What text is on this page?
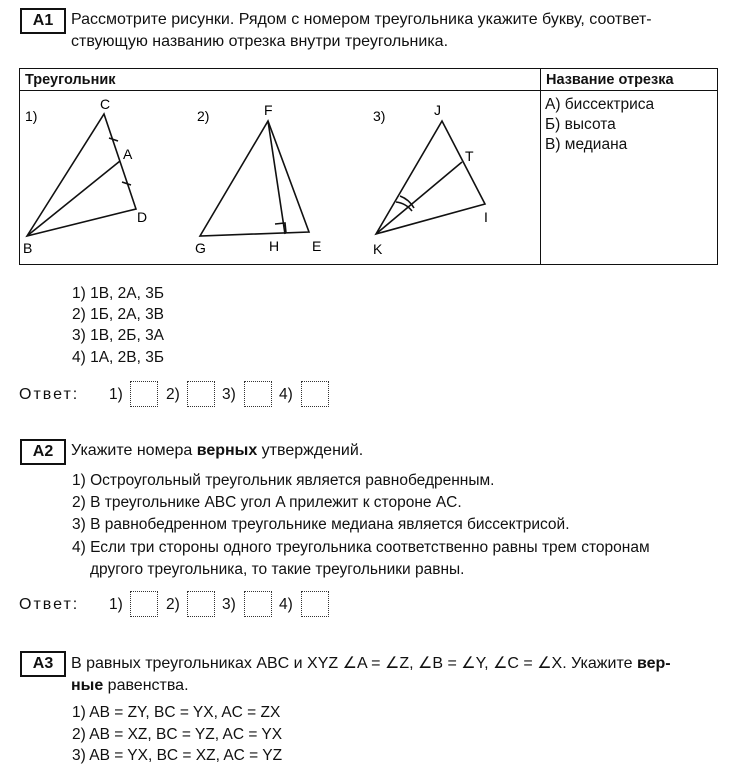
А1	Рассмотрите рисунки. Рядом с номером треугольника укажите букву, соответ-
ствующую названию отрезка внутри треугольника.
Треугольник	Название отрезка

А) биссектриса
Б) высота
В) медиана
1)
C
A
D
B
2)	F
G	H E
3)	J
T
I
K
1) 1В, 2А, 3Б
2) 1Б, 2А, 3В
3) 1В, 2Б, 3А
4) 1А, 2В, 3Б
Ответ: 1)	2)	3)	4)
А2	Укажите номера верных утверждений.
1) Остроугольный треугольник является равнобедренным.
2) В треугольнике ABC угол A прилежит к стороне AC.
3) В равнобедренном треугольнике медиана является биссектрисой.
4) Если три стороны одного треугольника соответственно равны трем сторонам
другого треугольника, то такие треугольники равны.
Ответ: 1)	2)	3)	4)
А3	В равных треугольниках ABC и XYZ ∠A = ∠Z, ∠B = ∠Y, ∠C = ∠X. Укажите вер-
ные равенства.
1) AB = ZY, BC = YX, AC = ZX
2) AB = XZ, BC = YZ, AC = YX
3) AB = YX, BC = XZ, AC = YZ
